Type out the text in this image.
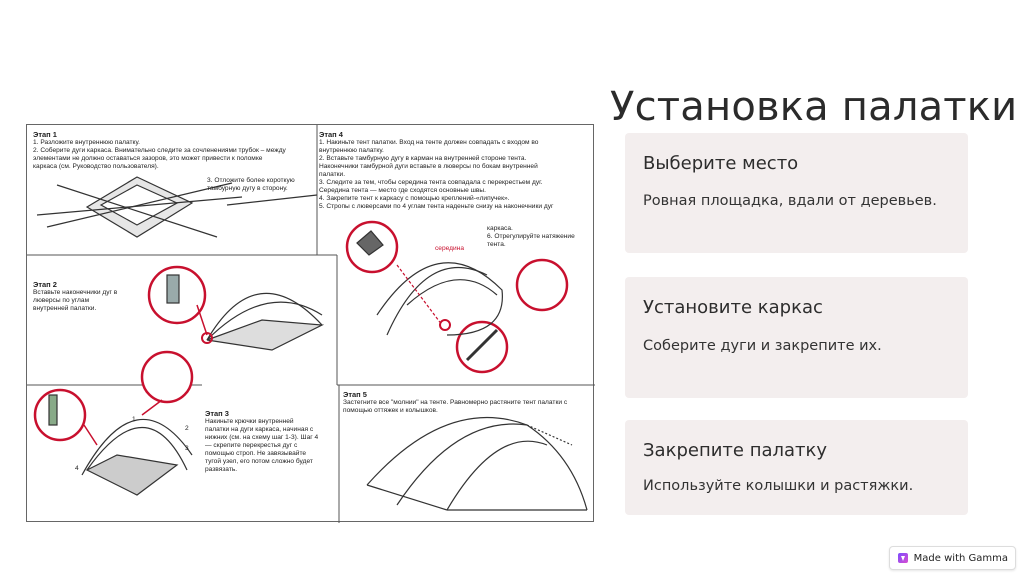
Установка палатки
Выберите место
Ровная площадка, вдали от деревьев.
Установите каркас
Соберите дуги и закрепите их.
Закрепите палатку
Используйте колышки и растяжки.
Этап 1
1. Разложите внутреннюю палатку.
2. Соберите дуги каркаса. Внимательно следите за сочленениями трубок – между
элементами не должно оставаться зазоров, это может привести к поломке
каркаса (см. Руководство пользователя).
3. Отложите более короткую
тамбурную дугу в сторону.
Этап 2
Вставьте наконечники дуг в
люверсы по углам
внутренней палатки.
Этап 3
Накиньте крючки внутренней
палатки на дуги каркаса, начиная с
нижних (см. на схему шаг 1-3). Шаг 4
— скрепите перекрестья дуг с
помощью строп. Не завязывайте
тугой узел, его потом сложно будет
развязать.
1
2
3
4
Этап 4
1. Накиньте тент палатки. Вход на тенте должен совпадать с входом во
внутреннюю палатку.
2. Вставьте тамбурную дугу в карман на внутренней стороне тента.
Наконечники тамбурной дуги вставьте в люверсы по бокам внутренней
палатки.
3. Следите за тем, чтобы середина тента совпадала с перекрестьем дуг.
Середина тента — место где сходятся основные швы.
4. Закрепите тент к каркасу с помощью креплений-«липучек».
5. Стропы с люверсами по 4 углам тента наденьте снизу на наконечники дуг
каркаса.
6. Отрегулируйте натяжение
тента.
середина
Этап 5
Застегните все "молнии" на тенте. Равномерно растяните тент палатки с
помощью оттяжек и колышков.
Made with Gamma
